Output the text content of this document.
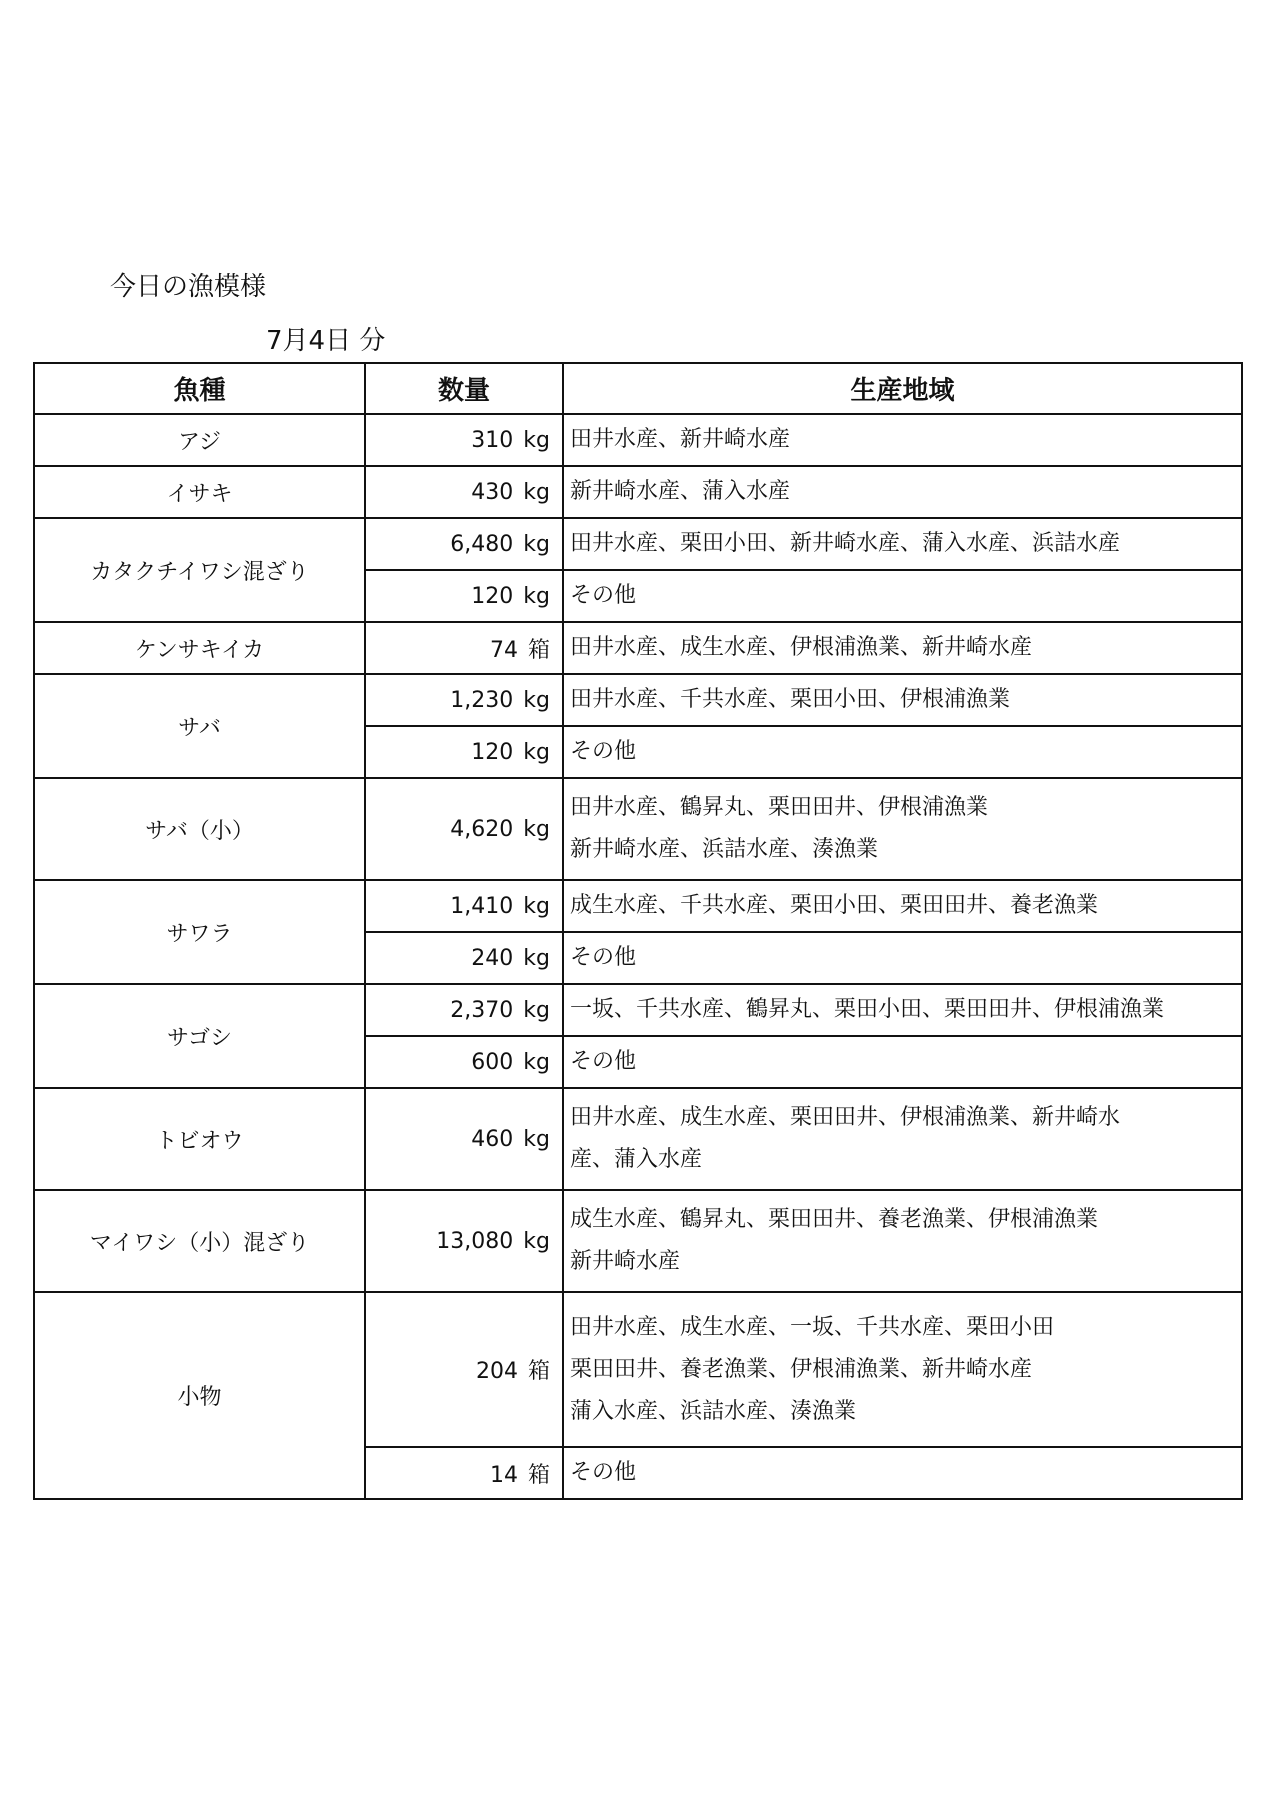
今日の漁模様
7月4日 分
魚種	数量	生産地域
アジ	310 kg	田井水産、新井崎水産

イサキ	430 kg	新井崎水産、蒲入水産

カタクチイワシ混ざり	6,480 kg	田井水産、栗田小田、新井崎水産、蒲入水産、浜詰水産

	120 kg	その他

ケンサキイカ	74 箱	田井水産、成生水産、伊根浦漁業、新井崎水産

サバ	1,230 kg	田井水産、千共水産、栗田小田、伊根浦漁業

	120 kg	その他

サバ（小）	4,620 kg	田井水産、鶴昇丸、栗田田井、伊根浦漁業
新井崎水産、浜詰水産、湊漁業

サワラ	1,410 kg	成生水産、千共水産、栗田小田、栗田田井、養老漁業

	240 kg	その他

サゴシ	2,370 kg	一坂、千共水産、鶴昇丸、栗田小田、栗田田井、伊根浦漁業

	600 kg	その他

トビオウ	460 kg	田井水産、成生水産、栗田田井、伊根浦漁業、新井崎水
産、蒲入水産

マイワシ（小）混ざり	13,080 kg	成生水産、鶴昇丸、栗田田井、養老漁業、伊根浦漁業
新井崎水産

小物	204 箱	田井水産、成生水産、一坂、千共水産、栗田小田
栗田田井、養老漁業、伊根浦漁業、新井崎水産
蒲入水産、浜詰水産、湊漁業

	14 箱	その他
